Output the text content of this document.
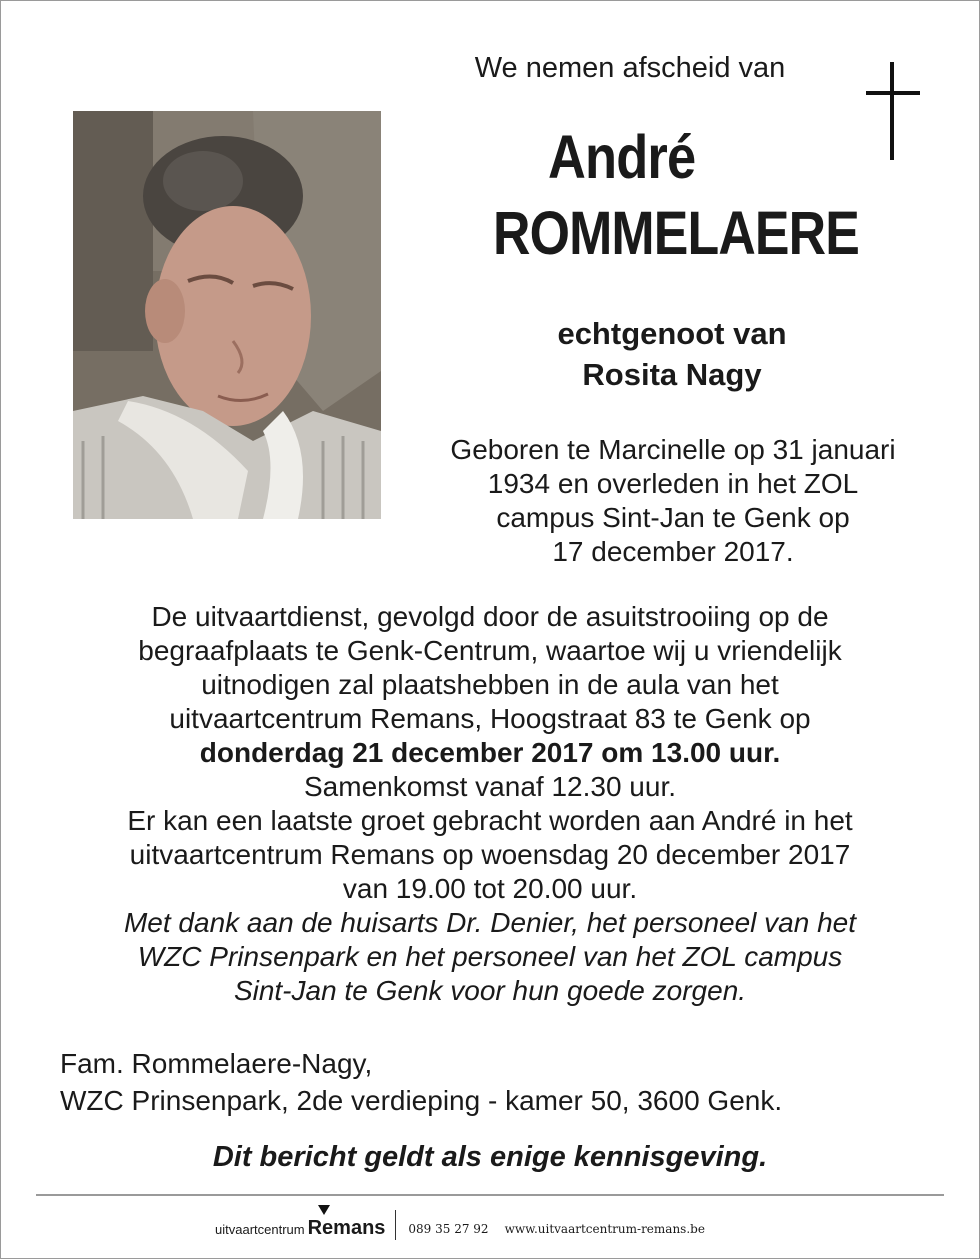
We nemen afscheid van
André
ROMMELAERE
echtgenoot van
Rosita Nagy
Geboren te Marcinelle op 31 januari
1934 en overleden in het ZOL
campus Sint-Jan te Genk op
17 december 2017.

De uitvaartdienst, gevolgd door de asuitstrooiing op de

begraafplaats te Genk-Centrum, waartoe wij u vriendelijk

uitnodigen zal plaatshebben in de aula van het

uitvaartcentrum Remans, Hoogstraat 83 te Genk op

donderdag 21 december 2017 om 13.00 uur.

Samenkomst vanaf 12.30 uur.

Er kan een laatste groet gebracht worden aan André in het

uitvaartcentrum Remans op woensdag 20 december 2017

van 19.00 tot 20.00 uur.

Met dank aan de huisarts Dr. Denier, het personeel van het

WZC Prinsenpark en het personeel van het ZOL campus

Sint-Jan te Genk voor hun goede zorgen.

Fam. Rommelaere-Nagy,

WZC Prinsenpark, 2de verdieping - kamer 50, 3600 Genk.

Dit bericht geldt als enige kennisgeving.
uitvaartcentrum Remans 089 35 27 92 www.uitvaartcentrum-remans.be
